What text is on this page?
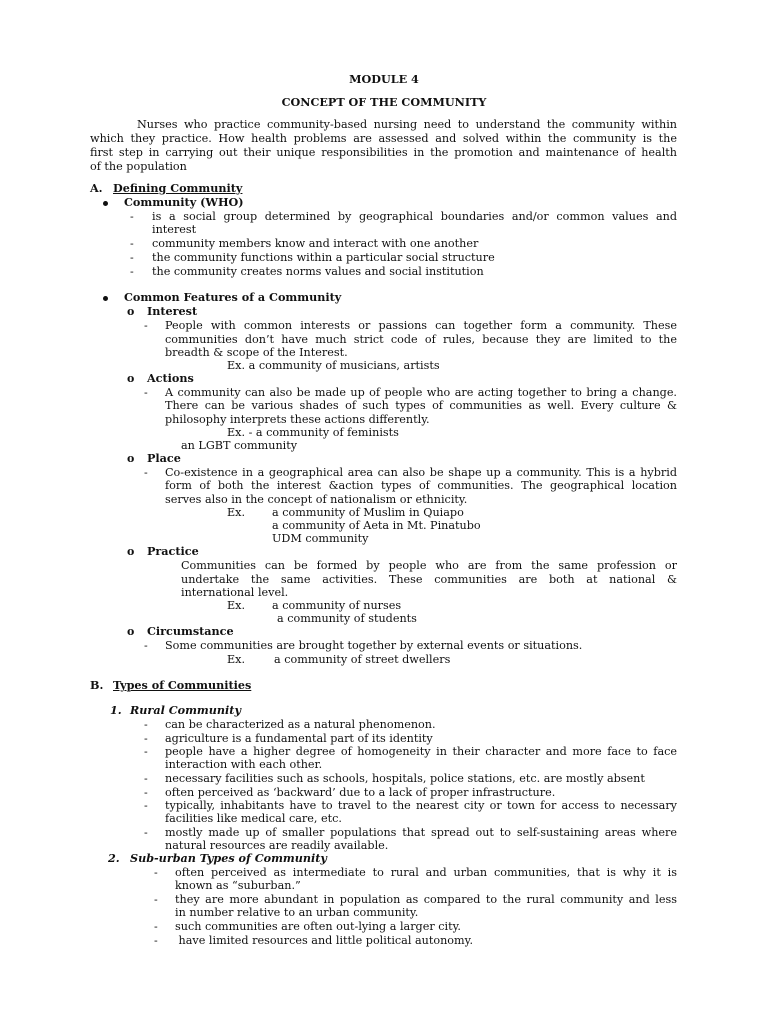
MODULE 4
CONCEPT OF THE COMMUNITY
Nurses who practice community-based nursing need to understand the community within
which they practice. How health problems are assessed and solved within the community is the
first step in carrying out their unique responsibilities in the promotion and maintenance of health
of the population
A. Defining Community
Community (WHO)
- is a social group determined by geographical boundaries and/or common values and
interest
- community members know and interact with one another
- the community functions within a particular social structure
- the community creates norms values and social institution
Common Features of a Community
o Interest
- People with common interests or passions can together form a community. These
communities don’t have much strict code of rules, because they are limited to the
breadth & scope of the Interest.
Ex. a community of musicians, artists
o Actions
- A community can also be made up of people who are acting together to bring a change.
There can be various shades of such types of communities as well. Every culture &
philosophy interprets these actions differently.
Ex. - a community of feminists
an LGBT community
o Place
- Co-existence in a geographical area can also be shape up a community. This is a hybrid
form of both the interest &action types of communities. The geographical location
serves also in the concept of nationalism or ethnicity.
Ex. a community of Muslim in Quiapo
a community of Aeta in Mt. Pinatubo
UDM community
o Practice
Communities can be formed by people who are from the same profession or
undertake the same activities. These communities are both at national &
international level.
Ex. a community of nurses
a community of students
o Circumstance
- Some communities are brought together by external events or situations.
Ex.	a community of street dwellers
B. Types of Communities
1. Rural Community
- can be characterized as a natural phenomenon.
- agriculture is a fundamental part of its identity
- people have a higher degree of homogeneity in their character and more face to face
interaction with each other.
- necessary facilities such as schools, hospitals, police stations, etc. are mostly absent
- often perceived as ‘backward’ due to a lack of proper infrastructure.
- typically, inhabitants have to travel to the nearest city or town for access to necessary
facilities like medical care, etc.
- mostly made up of smaller populations that spread out to self-sustaining areas where
natural resources are readily available.
2. Sub-urban Types of Community
- often perceived as intermediate to rural and urban communities, that is why it is
known as “suburban.”
- they are more abundant in population as compared to the rural community and less
in number relative to an urban community.
- such communities are often out-lying a larger city.
- have limited resources and little political autonomy.
